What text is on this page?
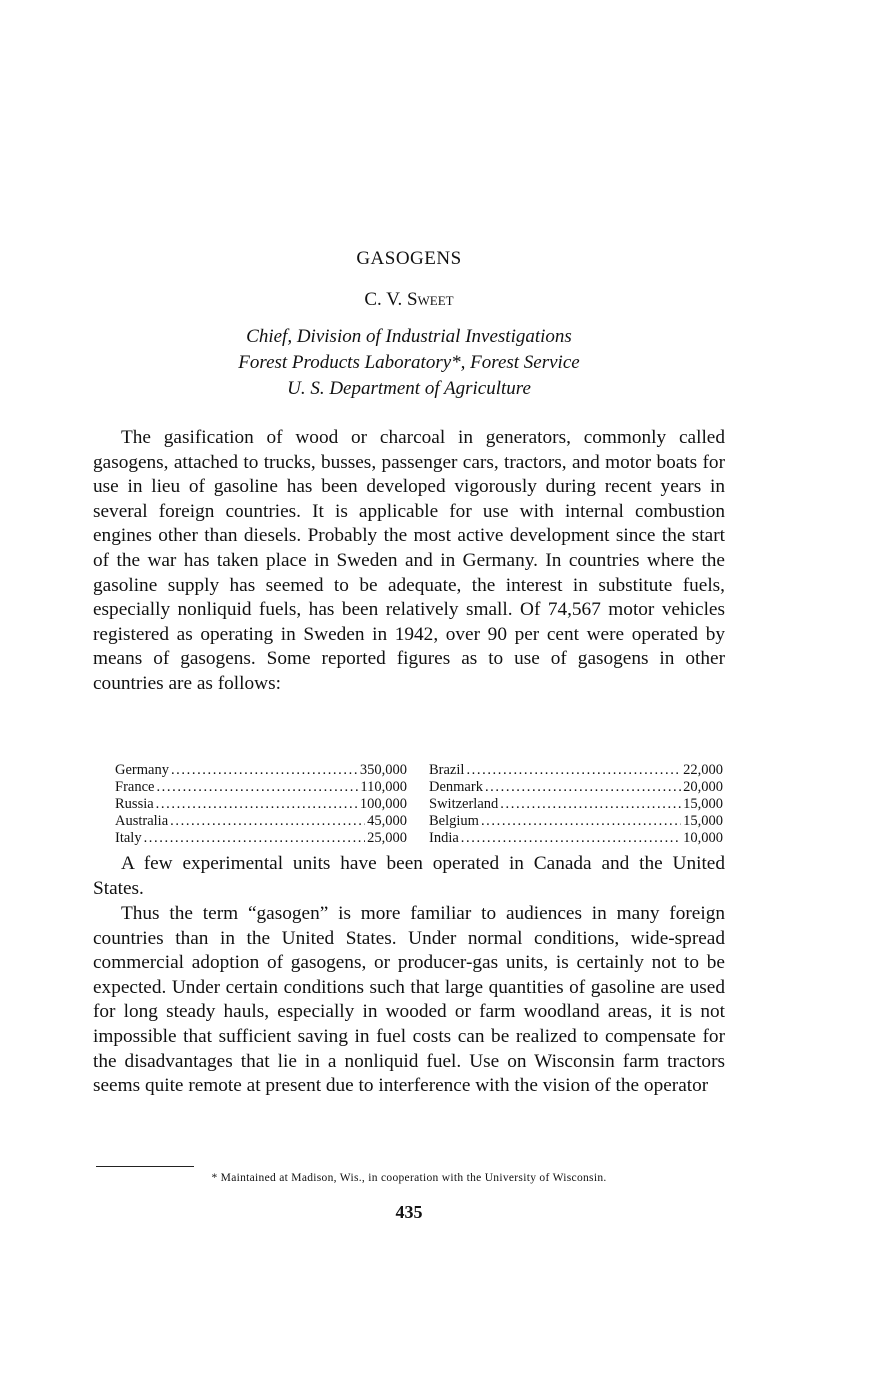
GASOGENS
C. V. Sweet
Chief, Division of Industrial Investigations
Forest Products Laboratory*, Forest Service
U. S. Department of Agriculture

The gasification of wood or charcoal in generators, commonly called gasogens, attached to trucks, busses, passenger cars, tractors, and motor boats for use in lieu of gasoline has been developed vigorously during recent years in several foreign countries. It is applicable for use with internal combustion engines other than diesels. Probably the most active development since the start of the war has taken place in Sweden and in Germany. In countries where the gasoline supply has seemed to be adequate, the interest in substitute fuels, especially nonliquid fuels, has been relatively small. Of 74,567 motor vehicles registered as operating in Sweden in 1942, over 90 per cent were operated by means of gasogens. Some reported figures as to use of gasogens in other countries are as follows:

Germany .....	350,000
France .....	110,000
Russia .....	100,000
Australia .....	45,000
Italy .....	25,000
Brazil .....	22,000
Denmark .....	20,000
Switzerland .....	15,000
Belgium .....	15,000
India .....	10,000

A few experimental units have been operated in Canada and the United States.

Thus the term “gasogen” is more familiar to audiences in many foreign countries than in the United States. Under normal conditions, wide-spread commercial adoption of gasogens, or producer-gas units, is certainly not to be expected. Under certain conditions such that large quantities of gasoline are used for long steady hauls, especially in wooded or farm woodland areas, it is not impossible that sufficient saving in fuel costs can be realized to compensate for the disadvantages that lie in a nonliquid fuel. Use on Wisconsin farm tractors seems quite remote at present due to interference with the vision of the operator

* Maintained at Madison, Wis., in cooperation with the University of Wisconsin.
435
